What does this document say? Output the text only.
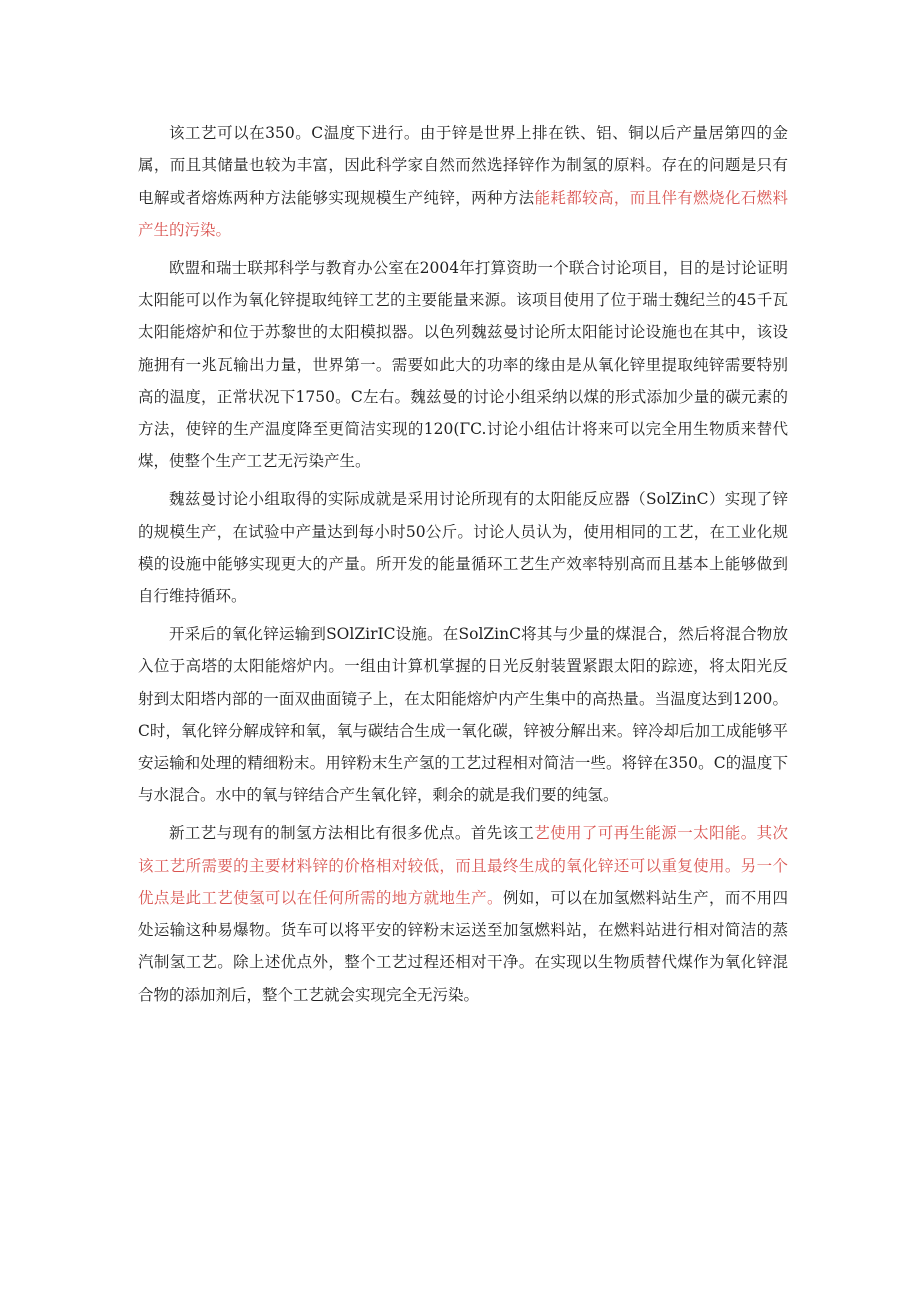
该工艺可以在350。C温度下进行。由于锌是世界上排在铁、铝、铜以后产量居第四的金属，而且其储量也较为丰富，因此科学家自然而然选择锌作为制氢的原料。存在的问题是只有电解或者熔炼两种方法能够实现规模生产纯锌，两种方法能耗都较高，而且伴有燃烧化石燃料产生的污染。

欧盟和瑞士联邦科学与教育办公室在2004年打算资助一个联合讨论项目，目的是讨论证明太阳能可以作为氧化锌提取纯锌工艺的主要能量来源。该项目使用了位于瑞士魏纪兰的45千瓦太阳能熔炉和位于苏黎世的太阳模拟器。以色列魏兹曼讨论所太阳能讨论设施也在其中，该设施拥有一兆瓦输出力量，世界第一。需要如此大的功率的缘由是从氧化锌里提取纯锌需要特别高的温度，正常状况下1750。C左右。魏兹曼的讨论小组采纳以煤的形式添加少量的碳元素的方法，使锌的生产温度降至更简洁实现的120(ΓC.讨论小组估计将来可以完全用生物质来替代煤，使整个生产工艺无污染产生。

魏兹曼讨论小组取得的实际成就是采用讨论所现有的太阳能反应器（SolZinC）实现了锌的规模生产，在试验中产量达到每小时50公斤。讨论人员认为，使用相同的工艺，在工业化规模的设施中能够实现更大的产量。所开发的能量循环工艺生产效率特别高而且基本上能够做到自行维持循环。

开采后的氧化锌运输到SOlZirIC设施。在SolZinC将其与少量的煤混合，然后将混合物放入位于高塔的太阳能熔炉内。一组由计算机掌握的日光反射装置紧跟太阳的踪迹，将太阳光反射到太阳塔内部的一面双曲面镜子上，在太阳能熔炉内产生集中的高热量。当温度达到1200。C时，氧化锌分解成锌和氧，氧与碳结合生成一氧化碳，锌被分解出来。锌冷却后加工成能够平安运输和处理的精细粉末。用锌粉末生产氢的工艺过程相对简洁一些。将锌在350。C的温度下与水混合。水中的氧与锌结合产生氧化锌，剩余的就是我们要的纯氢。

新工艺与现有的制氢方法相比有很多优点。首先该工艺使用了可再生能源一太阳能。其次该工艺所需要的主要材料锌的价格相对较低，而且最终生成的氧化锌还可以重复使用。另一个优点是此工艺使氢可以在任何所需的地方就地生产。例如，可以在加氢燃料站生产，而不用四处运输这种易爆物。货车可以将平安的锌粉末运送至加氢燃料站，在燃料站进行相对简洁的蒸汽制氢工艺。除上述优点外，整个工艺过程还相对干净。在实现以生物质替代煤作为氧化锌混合物的添加剂后，整个工艺就会实现完全无污染。
